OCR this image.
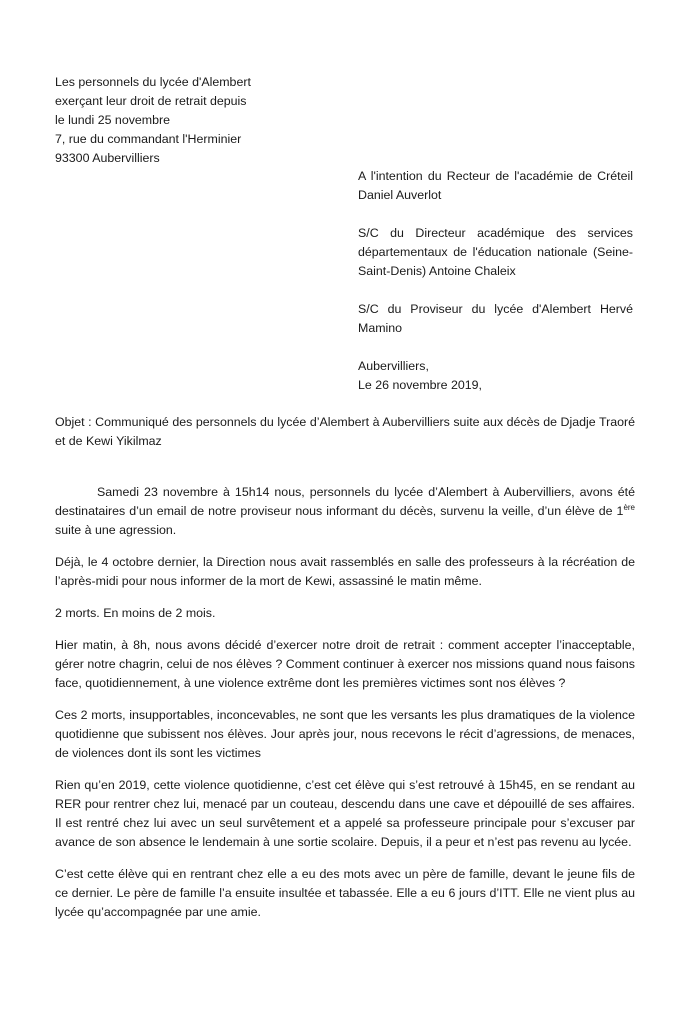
Les personnels du lycée d'Alembert
exerçant leur droit de retrait depuis
le lundi 25 novembre
7, rue du commandant l'Herminier
93300 Aubervilliers
A l'intention du Recteur de l'académie de Créteil Daniel Auverlot
S/C du Directeur académique des services départementaux de l'éducation nationale (Seine-Saint-Denis) Antoine Chaleix
S/C du Proviseur du lycée d'Alembert Hervé Mamino
Aubervilliers,
Le 26 novembre 2019,

Objet : Communiqué des personnels du lycée d’Alembert à Aubervilliers suite aux décès de Djadje Traoré et de Kewi Yikilmaz

Samedi 23 novembre à 15h14 nous, personnels du lycée d’Alembert à Aubervilliers, avons été destinataires d’un email de notre proviseur nous informant du décès, survenu la veille, d’un élève de 1ère suite à une agression.

Déjà, le 4 octobre dernier, la Direction nous avait rassemblés en salle des professeurs à la récréation de l’après-midi pour nous informer de la mort de Kewi, assassiné le matin même.

2 morts. En moins de 2 mois.

Hier matin, à 8h, nous avons décidé d’exercer notre droit de retrait : comment accepter l’inacceptable, gérer notre chagrin, celui de nos élèves ? Comment continuer à exercer nos missions quand nous faisons face, quotidiennement, à une violence extrême dont les premières victimes sont nos élèves ?

Ces 2 morts, insupportables, inconcevables, ne sont que les versants les plus dramatiques de la violence quotidienne que subissent nos élèves. Jour après jour, nous recevons le récit d’agressions, de menaces, de violences dont ils sont les victimes

Rien qu’en 2019, cette violence quotidienne, c’est cet élève qui s’est retrouvé à 15h45, en se rendant au RER pour rentrer chez lui, menacé par un couteau, descendu dans une cave et dépouillé de ses affaires. Il est rentré chez lui avec un seul survêtement et a appelé sa professeure principale pour s’excuser par avance de son absence le lendemain à une sortie scolaire. Depuis, il a peur et n’est pas revenu au lycée.

C’est cette élève qui en rentrant chez elle a eu des mots avec un père de famille, devant le jeune fils de ce dernier. Le père de famille l’a ensuite insultée et tabassée. Elle a eu 6 jours d’ITT. Elle ne vient plus au lycée qu’accompagnée par une amie.
